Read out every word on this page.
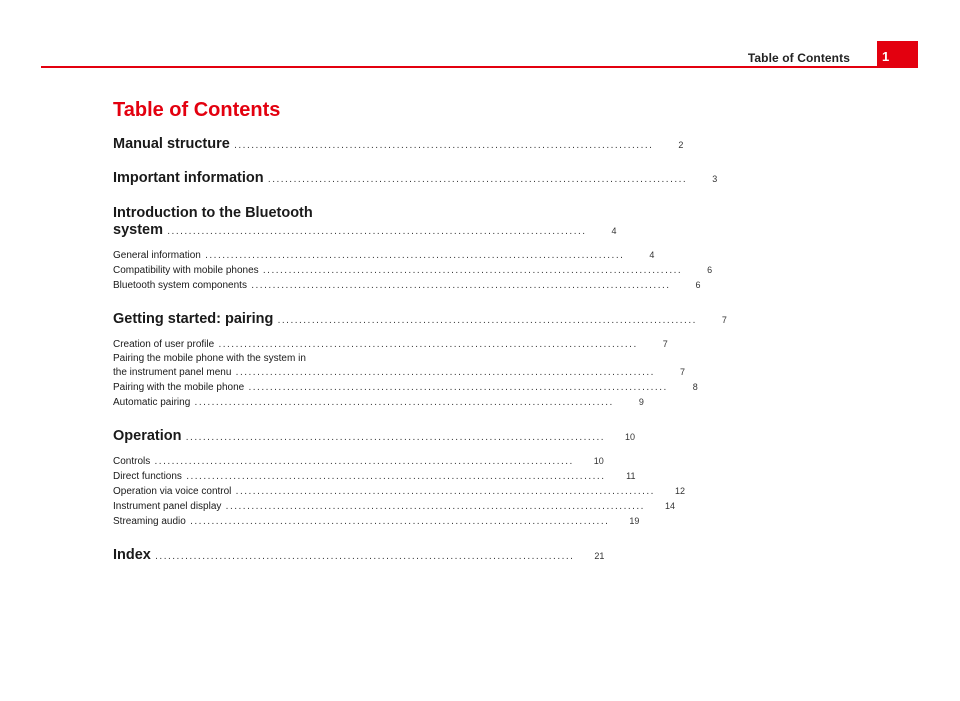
Table of Contents	1
Table of Contents
Manual structure ..................................................................................................	2
Important information ..................................................................................................	3
Introduction to the Bluetooth
system ..................................................................................................	4
General information ..................................................................................................	4
Compatibility with mobile phones ..................................................................................................	6
Bluetooth system components ..................................................................................................	6
Getting started: pairing ..................................................................................................	7
Creation of user profile ..................................................................................................	7
Pairing the mobile phone with the system in
the instrument panel menu ..................................................................................................	7
Pairing with the mobile phone ..................................................................................................	8
Automatic pairing ..................................................................................................	9
Operation ..................................................................................................	10
Controls ..................................................................................................	10
Direct functions ..................................................................................................	11
Operation via voice control ..................................................................................................	12
Instrument panel display ..................................................................................................	14
Streaming audio ..................................................................................................	19
Index ..................................................................................................	21
